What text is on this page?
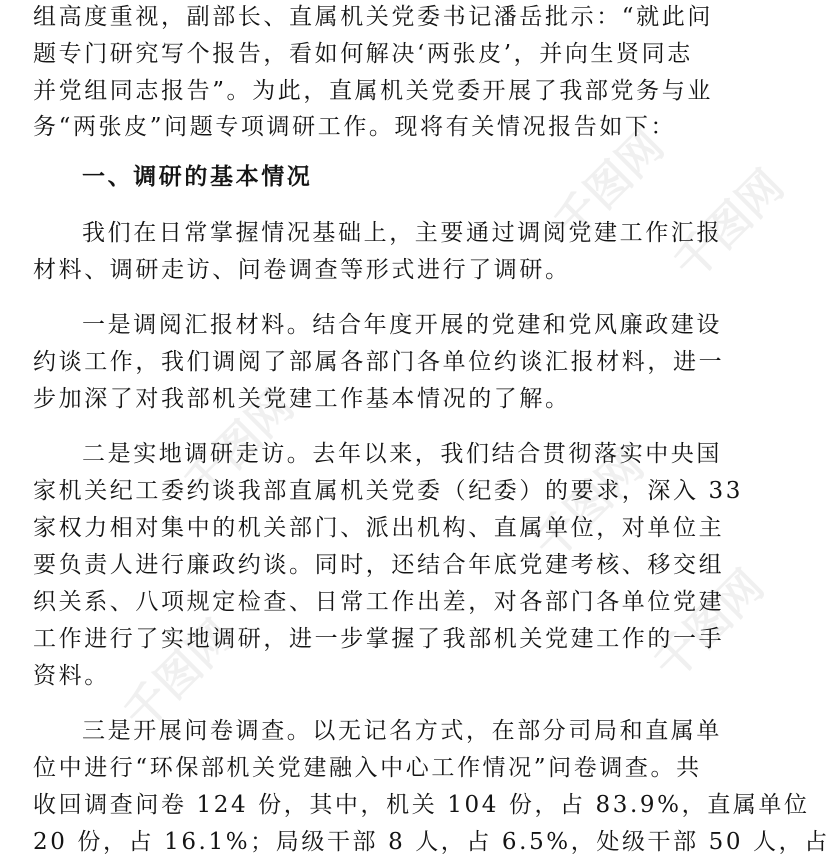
千图网
千图网
千图网	千图网
千图网	千图网
组高度重视，副部长、直属机关党委书记潘岳批示：“就此问
题专门研究写个报告，看如何解决‘两张皮’，并向生贤同志
并党组同志报告”。为此，直属机关党委开展了我部党务与业
务“两张皮”问题专项调研工作。现将有关情况报告如下：
一、调研的基本情况
我们在日常掌握情况基础上，主要通过调阅党建工作汇报
材料、调研走访、问卷调查等形式进行了调研。
一是调阅汇报材料。结合年度开展的党建和党风廉政建设
约谈工作，我们调阅了部属各部门各单位约谈汇报材料，进一
步加深了对我部机关党建工作基本情况的了解。
二是实地调研走访。去年以来，我们结合贯彻落实中央国
家机关纪工委约谈我部直属机关党委（纪委）的要求，深入 33
家权力相对集中的机关部门、派出机构、直属单位，对单位主
要负责人进行廉政约谈。同时，还结合年底党建考核、移交组
织关系、八项规定检查、日常工作出差，对各部门各单位党建
工作进行了实地调研，进一步掌握了我部机关党建工作的一手
资料。
三是开展问卷调查。以无记名方式，在部分司局和直属单
位中进行“环保部机关党建融入中心工作情况”问卷调查。共
收回调查问卷 124 份，其中，机关 104 份，占 83.9%，直属单位
20 份，占 16.1%；局级干部 8 人，占 6.5%，处级干部 50 人，占
